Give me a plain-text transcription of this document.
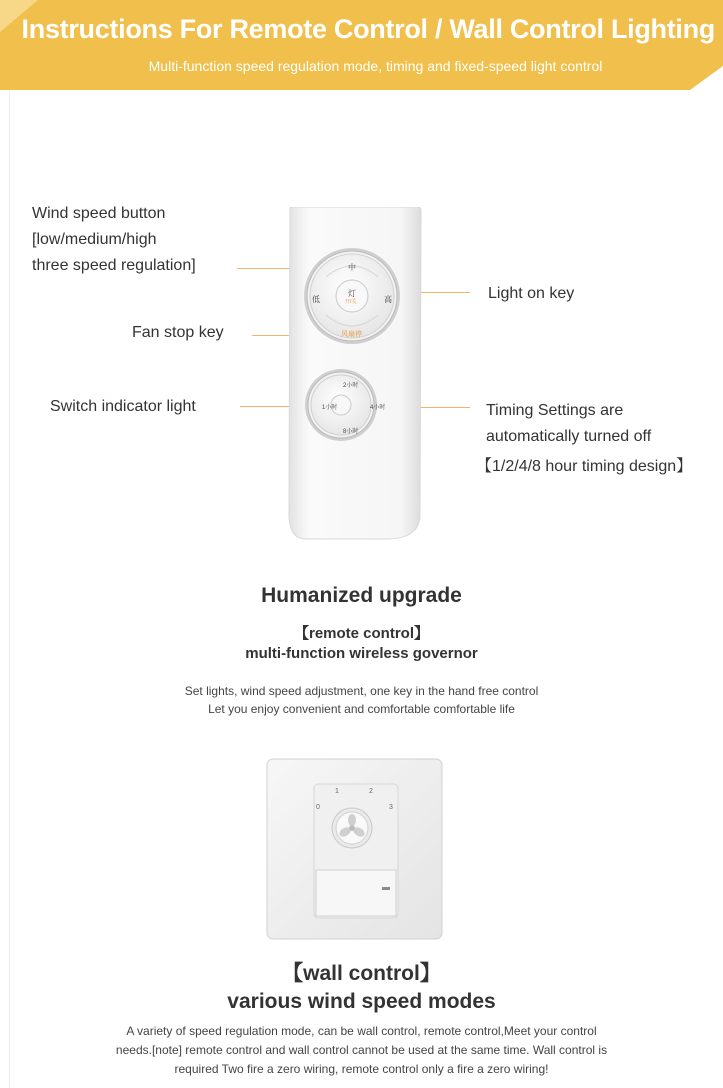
Instructions For Remote Control / Wall Control Lighting
Multi-function speed regulation mode, timing and fixed-speed light control
Wind speed button
[low/medium/high
three speed regulation]
Fan stop key
Switch indicator light
Light on key
Timing Settings are
automatically turned off
【1/2/4/8 hour timing design】
中
低	高
灯
开/关
风扇停
2小时
1小时	4小时
8小时
Humanized upgrade
【remote control】
multi-function wireless governor
Set lights, wind speed adjustment, one key in the hand free control
Let you enjoy convenient and comfortable comfortable life
0
1	2
3
【wall control】
various wind speed modes
A variety of speed regulation mode, can be wall control, remote control,Meet your control
needs.[note] remote control and wall control cannot be used at the same time. Wall control is
required Two fire a zero wiring, remote control only a fire a zero wiring!
